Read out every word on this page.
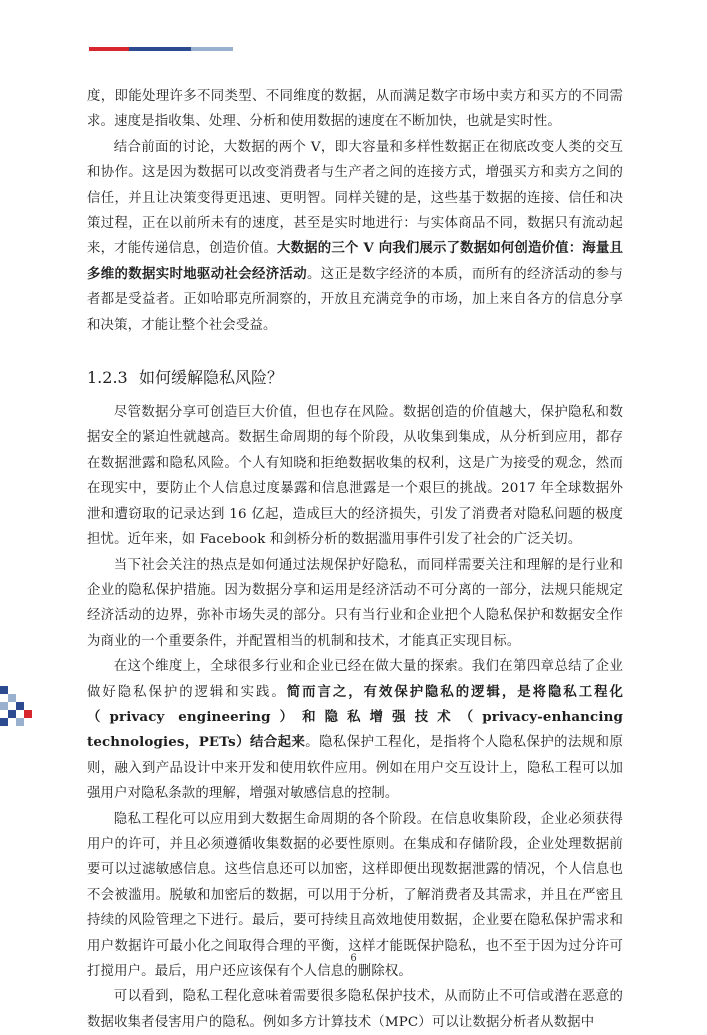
度，即能处理许多不同类型、不同维度的数据，从而满足数字市场中卖方和买方的不同需求。速度是指收集、处理、分析和使用数据的速度在不断加快，也就是实时性。

结合前面的讨论，大数据的两个 V，即大容量和多样性数据正在彻底改变人类的交互和协作。这是因为数据可以改变消费者与生产者之间的连接方式，增强买方和卖方之间的信任，并且让决策变得更迅速、更明智。同样关键的是，这些基于数据的连接、信任和决策过程，正在以前所未有的速度，甚至是实时地进行：与实体商品不同，数据只有流动起来，才能传递信息，创造价值。大数据的三个 V 向我们展示了数据如何创造价值：海量且多维的数据实时地驱动社会经济活动。这正是数字经济的本质，而所有的经济活动的参与者都是受益者。正如哈耶克所洞察的，开放且充满竞争的市场，加上来自各方的信息分享和决策，才能让整个社会受益。

1.2.3 如何缓解隐私风险？

尽管数据分享可创造巨大价值，但也存在风险。数据创造的价值越大，保护隐私和数据安全的紧迫性就越高。数据生命周期的每个阶段，从收集到集成，从分析到应用，都存在数据泄露和隐私风险。个人有知晓和拒绝数据收集的权利，这是广为接受的观念，然而在现实中，要防止个人信息过度暴露和信息泄露是一个艰巨的挑战。2017 年全球数据外泄和遭窃取的记录达到 16 亿起，造成巨大的经济损失，引发了消费者对隐私问题的极度担忧。近年来，如 Facebook 和剑桥分析的数据滥用事件引发了社会的广泛关切。

当下社会关注的热点是如何通过法规保护好隐私，而同样需要关注和理解的是行业和企业的隐私保护措施。因为数据分享和运用是经济活动不可分离的一部分，法规只能规定经济活动的边界，弥补市场失灵的部分。只有当行业和企业把个人隐私保护和数据安全作为商业的一个重要条件，并配置相当的机制和技术，才能真正实现目标。

在这个维度上，全球很多行业和企业已经在做大量的探索。我们在第四章总结了企业做好隐私保护的逻辑和实践。简而言之，有效保护隐私的逻辑，是将隐私工程化（privacy engineering）和隐私增强技术（privacy-enhancing technologies，PETs）结合起来。隐私保护工程化，是指将个人隐私保护的法规和原则，融入到产品设计中来开发和使用软件应用。例如在用户交互设计上，隐私工程可以加强用户对隐私条款的理解，增强对敏感信息的控制。

隐私工程化可以应用到大数据生命周期的各个阶段。在信息收集阶段，企业必须获得用户的许可，并且必须遵循收集数据的必要性原则。在集成和存储阶段，企业处理数据前要可以过滤敏感信息。这些信息还可以加密，这样即便出现数据泄露的情况，个人信息也不会被滥用。脱敏和加密后的数据，可以用于分析，了解消费者及其需求，并且在严密且持续的风险管理之下进行。最后，要可持续且高效地使用数据，企业要在隐私保护需求和用户数据许可最小化之间取得合理的平衡，这样才能既保护隐私，也不至于因为过分许可打搅用户。最后，用户还应该保有个人信息的删除权。

可以看到，隐私工程化意味着需要很多隐私保护技术，从而防止不可信或潜在恶意的数据收集者侵害用户的隐私。例如多方计算技术（MPC）可以让数据分析者从数据中

6
